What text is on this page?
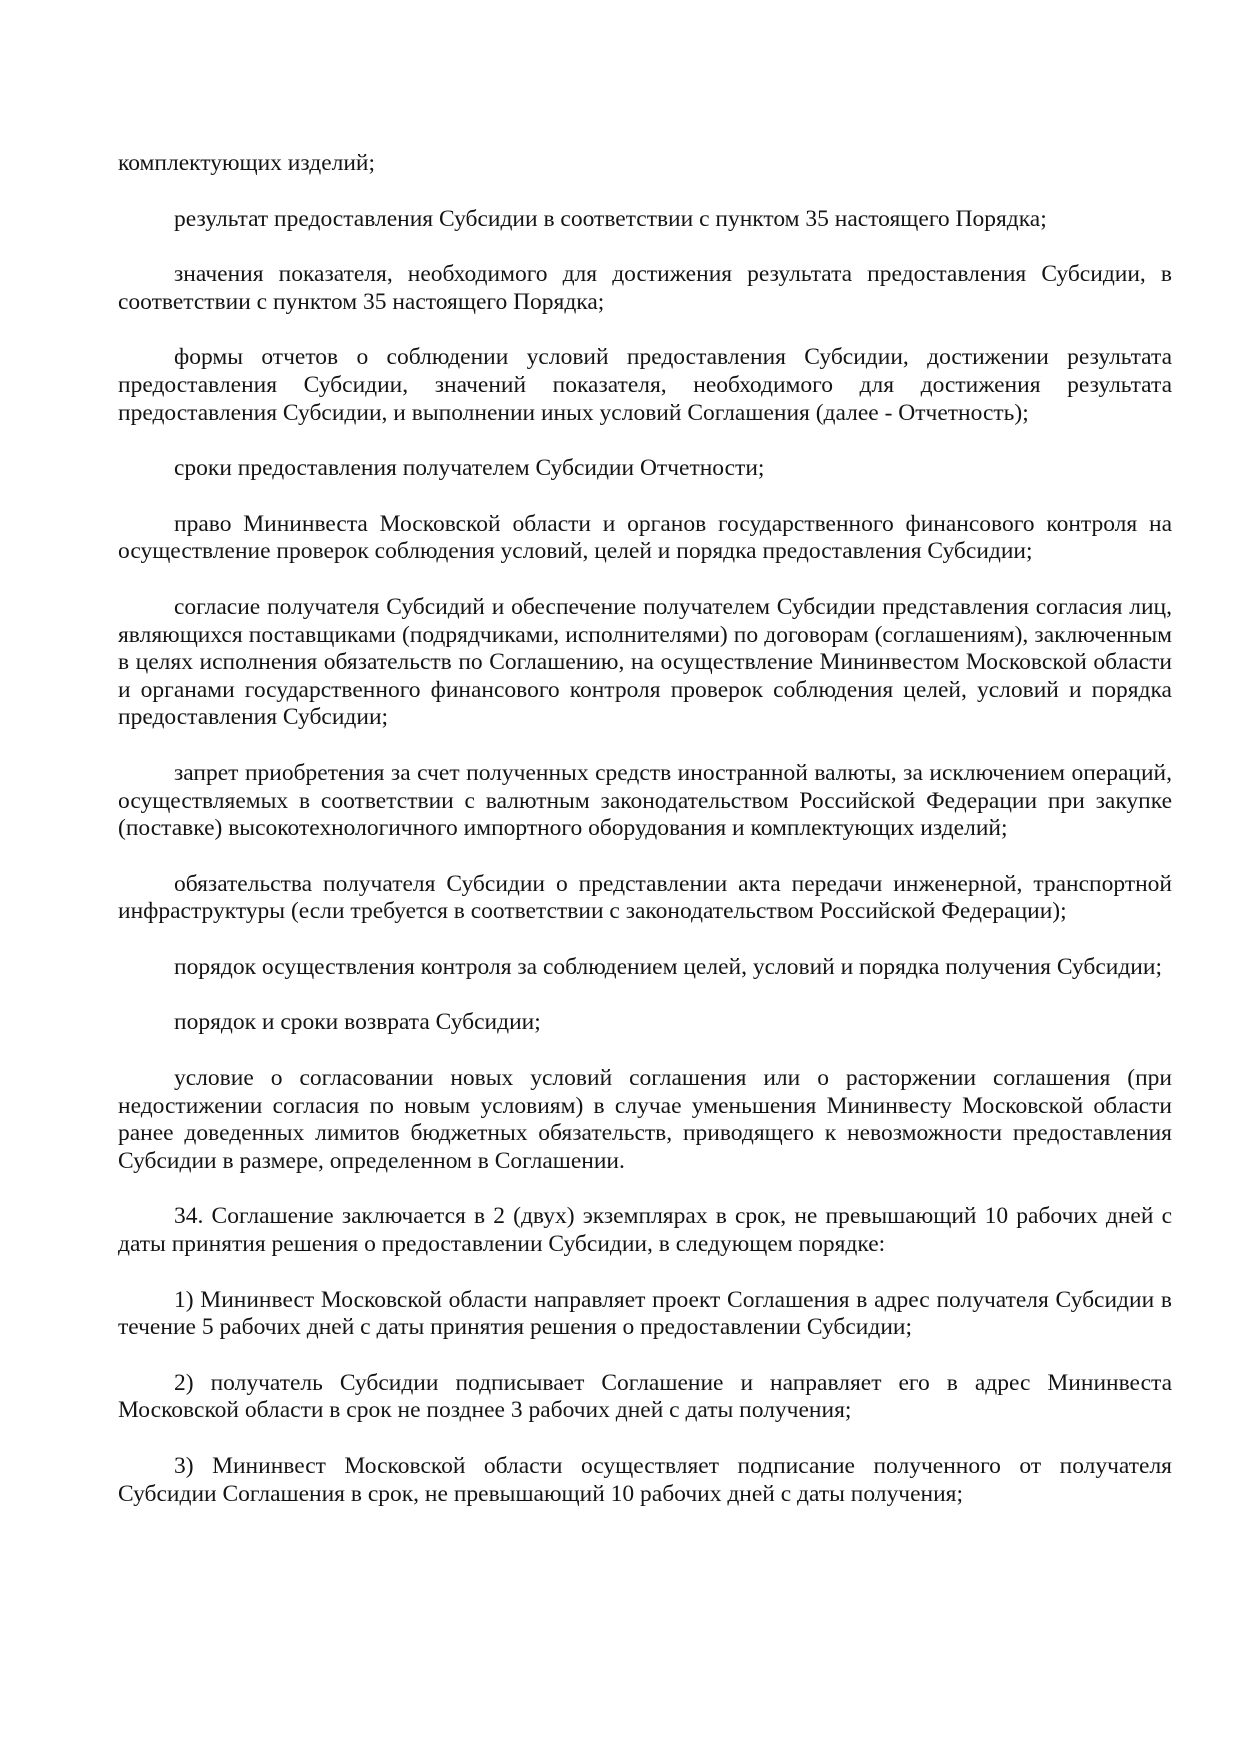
комплектующих изделий;

результат предоставления Субсидии в соответствии с пунктом 35 настоящего Порядка;

значения показателя, необходимого для достижения результата предоставления Субсидии, в соответствии с пунктом 35 настоящего Порядка;

формы отчетов о соблюдении условий предоставления Субсидии, достижении результата предоставления Субсидии, значений показателя, необходимого для достижения результата предоставления Субсидии, и выполнении иных условий Соглашения (далее - Отчетность);

сроки предоставления получателем Субсидии Отчетности;

право Мининвеста Московской области и органов государственного финансового контроля на осуществление проверок соблюдения условий, целей и порядка предоставления Субсидии;

согласие получателя Субсидий и обеспечение получателем Субсидии представления согласия лиц, являющихся поставщиками (подрядчиками, исполнителями) по договорам (соглашениям), заключенным в целях исполнения обязательств по Соглашению, на осуществление Мининвестом Московской области и органами государственного финансового контроля проверок соблюдения целей, условий и порядка предоставления Субсидии;

запрет приобретения за счет полученных средств иностранной валюты, за исключением операций, осуществляемых в соответствии с валютным законодательством Российской Федерации при закупке (поставке) высокотехнологичного импортного оборудования и комплектующих изделий;

обязательства получателя Субсидии о представлении акта передачи инженерной, транспортной инфраструктуры (если требуется в соответствии с законодательством Российской Федерации);

порядок осуществления контроля за соблюдением целей, условий и порядка получения Субсидии;

порядок и сроки возврата Субсидии;

условие о согласовании новых условий соглашения или о расторжении соглашения (при недостижении согласия по новым условиям) в случае уменьшения Мининвесту Московской области ранее доведенных лимитов бюджетных обязательств, приводящего к невозможности предоставления Субсидии в размере, определенном в Соглашении.

34. Соглашение заключается в 2 (двух) экземплярах в срок, не превышающий 10 рабочих дней с даты принятия решения о предоставлении Субсидии, в следующем порядке:

1) Мининвест Московской области направляет проект Соглашения в адрес получателя Субсидии в течение 5 рабочих дней с даты принятия решения о предоставлении Субсидии;

2) получатель Субсидии подписывает Соглашение и направляет его в адрес Мининвеста Московской области в срок не позднее 3 рабочих дней с даты получения;

3) Мининвест Московской области осуществляет подписание полученного от получателя Субсидии Соглашения в срок, не превышающий 10 рабочих дней с даты получения;
